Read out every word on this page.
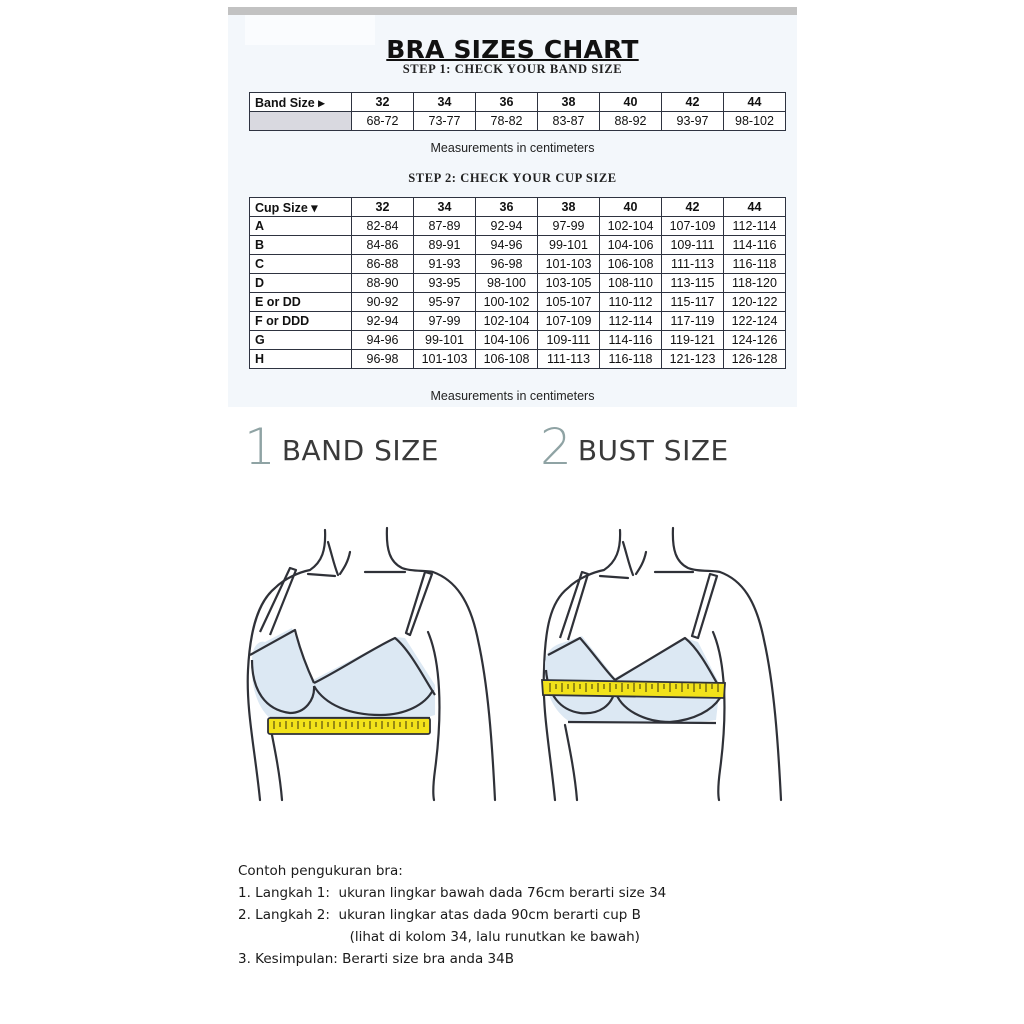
BRA SIZES CHART
STEP 1: CHECK YOUR BAND SIZE
Band Size ▸	32	34	36	38	40	42	44
	68-72	73-77	78-82	83-87	88-92	93-97	98-102
Measurements in centimeters
STEP 2: CHECK YOUR CUP SIZE
Cup Size ▾	32	34	36	38	40	42	44
A	82-84	87-89	92-94	97-99	102-104	107-109	112-114
B	84-86	89-91	94-96	99-101	104-106	109-111	114-116
C	86-88	91-93	96-98	101-103	106-108	111-113	116-118
D	88-90	93-95	98-100	103-105	108-110	113-115	118-120
E or DD	90-92	95-97	100-102	105-107	110-112	115-117	120-122
F or DDD	92-94	97-99	102-104	107-109	112-114	117-119	122-124
G	94-96	99-101	104-106	109-111	114-116	119-121	124-126
H	96-98	101-103	106-108	111-113	116-118	121-123	126-128
Measurements in centimeters
1 BAND SIZE 2 BUST SIZE
Contoh pengukuran bra:
1. Langkah 1:  ukuran lingkar bawah dada 76cm berarti size 34
2. Langkah 2:  ukuran lingkar atas dada 90cm berarti cup B
(lihat di kolom 34, lalu runutkan ke bawah)
3. Kesimpulan: Berarti size bra anda 34B
